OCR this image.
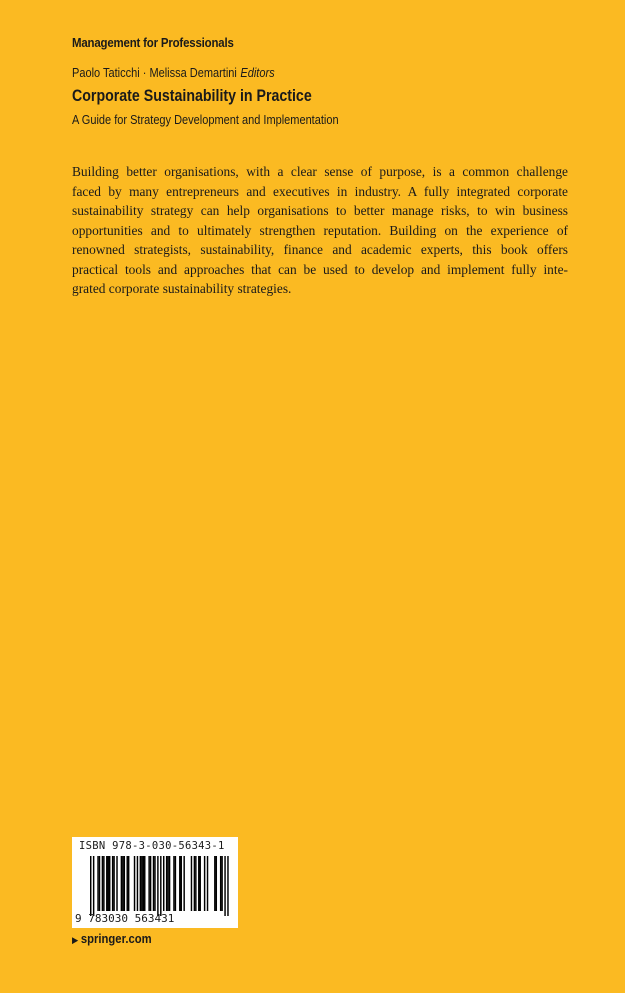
Management for Professionals
Paolo Taticchi · Melissa Demartini Editors
Corporate Sustainability in Practice
A Guide for Strategy Development and Implementation

Building better organisations, with a clear sense of purpose, is a common challenge
faced by many entrepreneurs and executives in industry. A fully integrated corporate
sustainability strategy can help organisations to better manage risks, to win business
opportunities and to ultimately strengthen reputation. Building on the experience of
renowned strategists, sustainability, finance and academic experts, this book offers
practical tools and approaches that can be used to develop and implement fully inte-
grated corporate sustainability strategies.

ISBN 978-3-030-56343-1
9 783030 563431
▶ springer.com
